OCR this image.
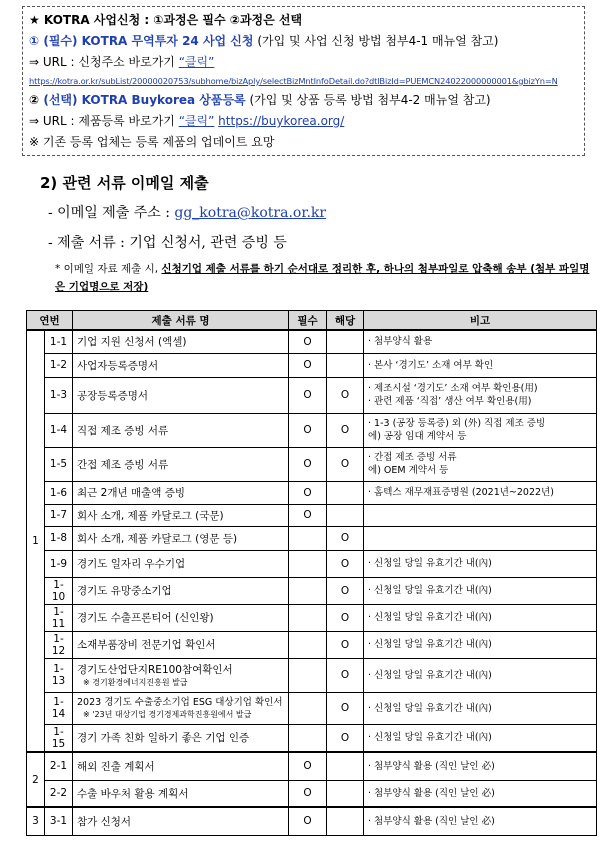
★ KOTRA 사업신청 : ①과정은 필수 ②과정은 선택
① (필수) KOTRA 무역투자 24 사업 신청 (가입 및 사업 신청 방법 첨부4-1 매뉴얼 참고)
⇒ URL : 신청주소 바로가기 “클릭”
https://kotra.or.kr/subList/20000020753/subhome/bizAply/selectBizMntInfoDetail.do?dtlBizId=PUEMCN24022000000001&gbizYn=N
② (선택) KOTRA Buykorea 상품등록 (가입 및 상품 등록 방법 첨부4-2 매뉴얼 참고)
⇒ URL : 제품등록 바로가기 “클릭” https://buykorea.org/
※ 기존 등록 업체는 등록 제품의 업데이트 요망
2) 관련 서류 이메일 제출
- 이메일 제출 주소 : gg_kotra@kotra.or.kr
- 제출 서류 : 기업 신청서, 관련 증빙 등
* 이메일 자료 제출 시, 신청기업 제출 서류를 하기 순서대로 정리한 후, 하나의 첨부파일로 압축해 송부 (첨부 파일명은 기업명으로 저장)
연번		제출 서류 명	필수	해당	비고
1	1-1	기업 지원 신청서 (엑셀)	O		· 첨부양식 활용

	1-2	사업자등록증명서	O		· 본사 ‘경기도’ 소재 여부 확인

	1-3	공장등록증명서	O	O	· 제조시설 ‘경기도’ 소재 여부 확인용(用)
· 관련 제품 ‘직접’ 생산 여부 확인용(用)

	1-4	직접 제조 증빙 서류	O	O	· 1-3 (공장 등록증) 외 (外) 직접 제조 증빙
에) 공장 임대 계약서 등

	1-5	간접 제조 증빙 서류	O	O	· 간접 제조 증빙 서류
에) OEM 계약서 등

	1-6	최근 2개년 매출액 증빙	O		· 홈텍스 재무재표증명원 (2021년~2022년)

	1-7	회사 소개, 제품 카달로그 (국문)	O		

	1-8	회사 소개, 제품 카달로그 (영문 등)		O	

	1-9	경기도 일자리 우수기업		O	· 신청일 당일 유효기간 내(內)

	1-10	경기도 유망중소기업		O	· 신청일 당일 유효기간 내(內)

	1-11	경기도 수출프론티어 (신인왕)		O	· 신청일 당일 유효기간 내(內)

	1-12	소재부품장비 전문기업 확인서		O	· 신청일 당일 유효기간 내(內)

	1-13	경기도산업단지RE100참여확인서
※ 경기환경에너지진흥원 발급		O	· 신청일 당일 유효기간 내(內)

	1-14	2023 경기도 수출중소기업 ESG 대상기업 확인서
※ '23년 대상기업 경기경제과학진흥원에서 발급		O	· 신청일 당일 유효기간 내(內)

	1-15	경기 가족 친화 일하기 좋은 기업 인증		O	· 신청일 당일 유효기간 내(內)

2	2-1	해외 진출 계획서	O		· 첨부양식 활용 (직인 날인 必)

	2-2	수출 바우처 활용 계획서	O		· 첨부양식 활용 (직인 날인 必)

3	3-1	참가 신청서	O		· 첨부양식 활용 (직인 날인 必)
